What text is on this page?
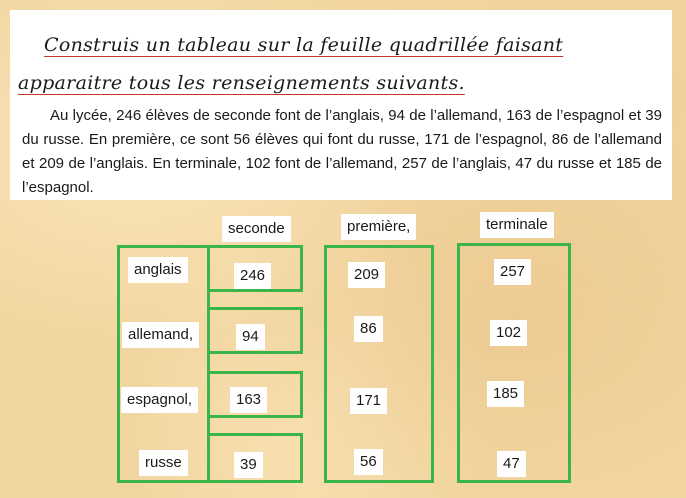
Construis un tableau sur la feuille quadrillée faisant apparaitre tous les renseignements suivants.
Au lycée, 246 élèves de seconde font de l’anglais, 94 de l’allemand, 163 de l’espagnol et 39 du russe. En première, ce sont 56 élèves qui font du russe, 171 de l’espagnol, 86 de l’allemand et 209 de l’anglais. En terminale, 102 font de l’allemand, 257 de l’anglais, 47 du russe et 185 de l’espagnol.
seconde	première,	terminale
anglais
allemand,
espagnol,
russe
246
94
163
39
209
86
171
56
257
102
185
47
